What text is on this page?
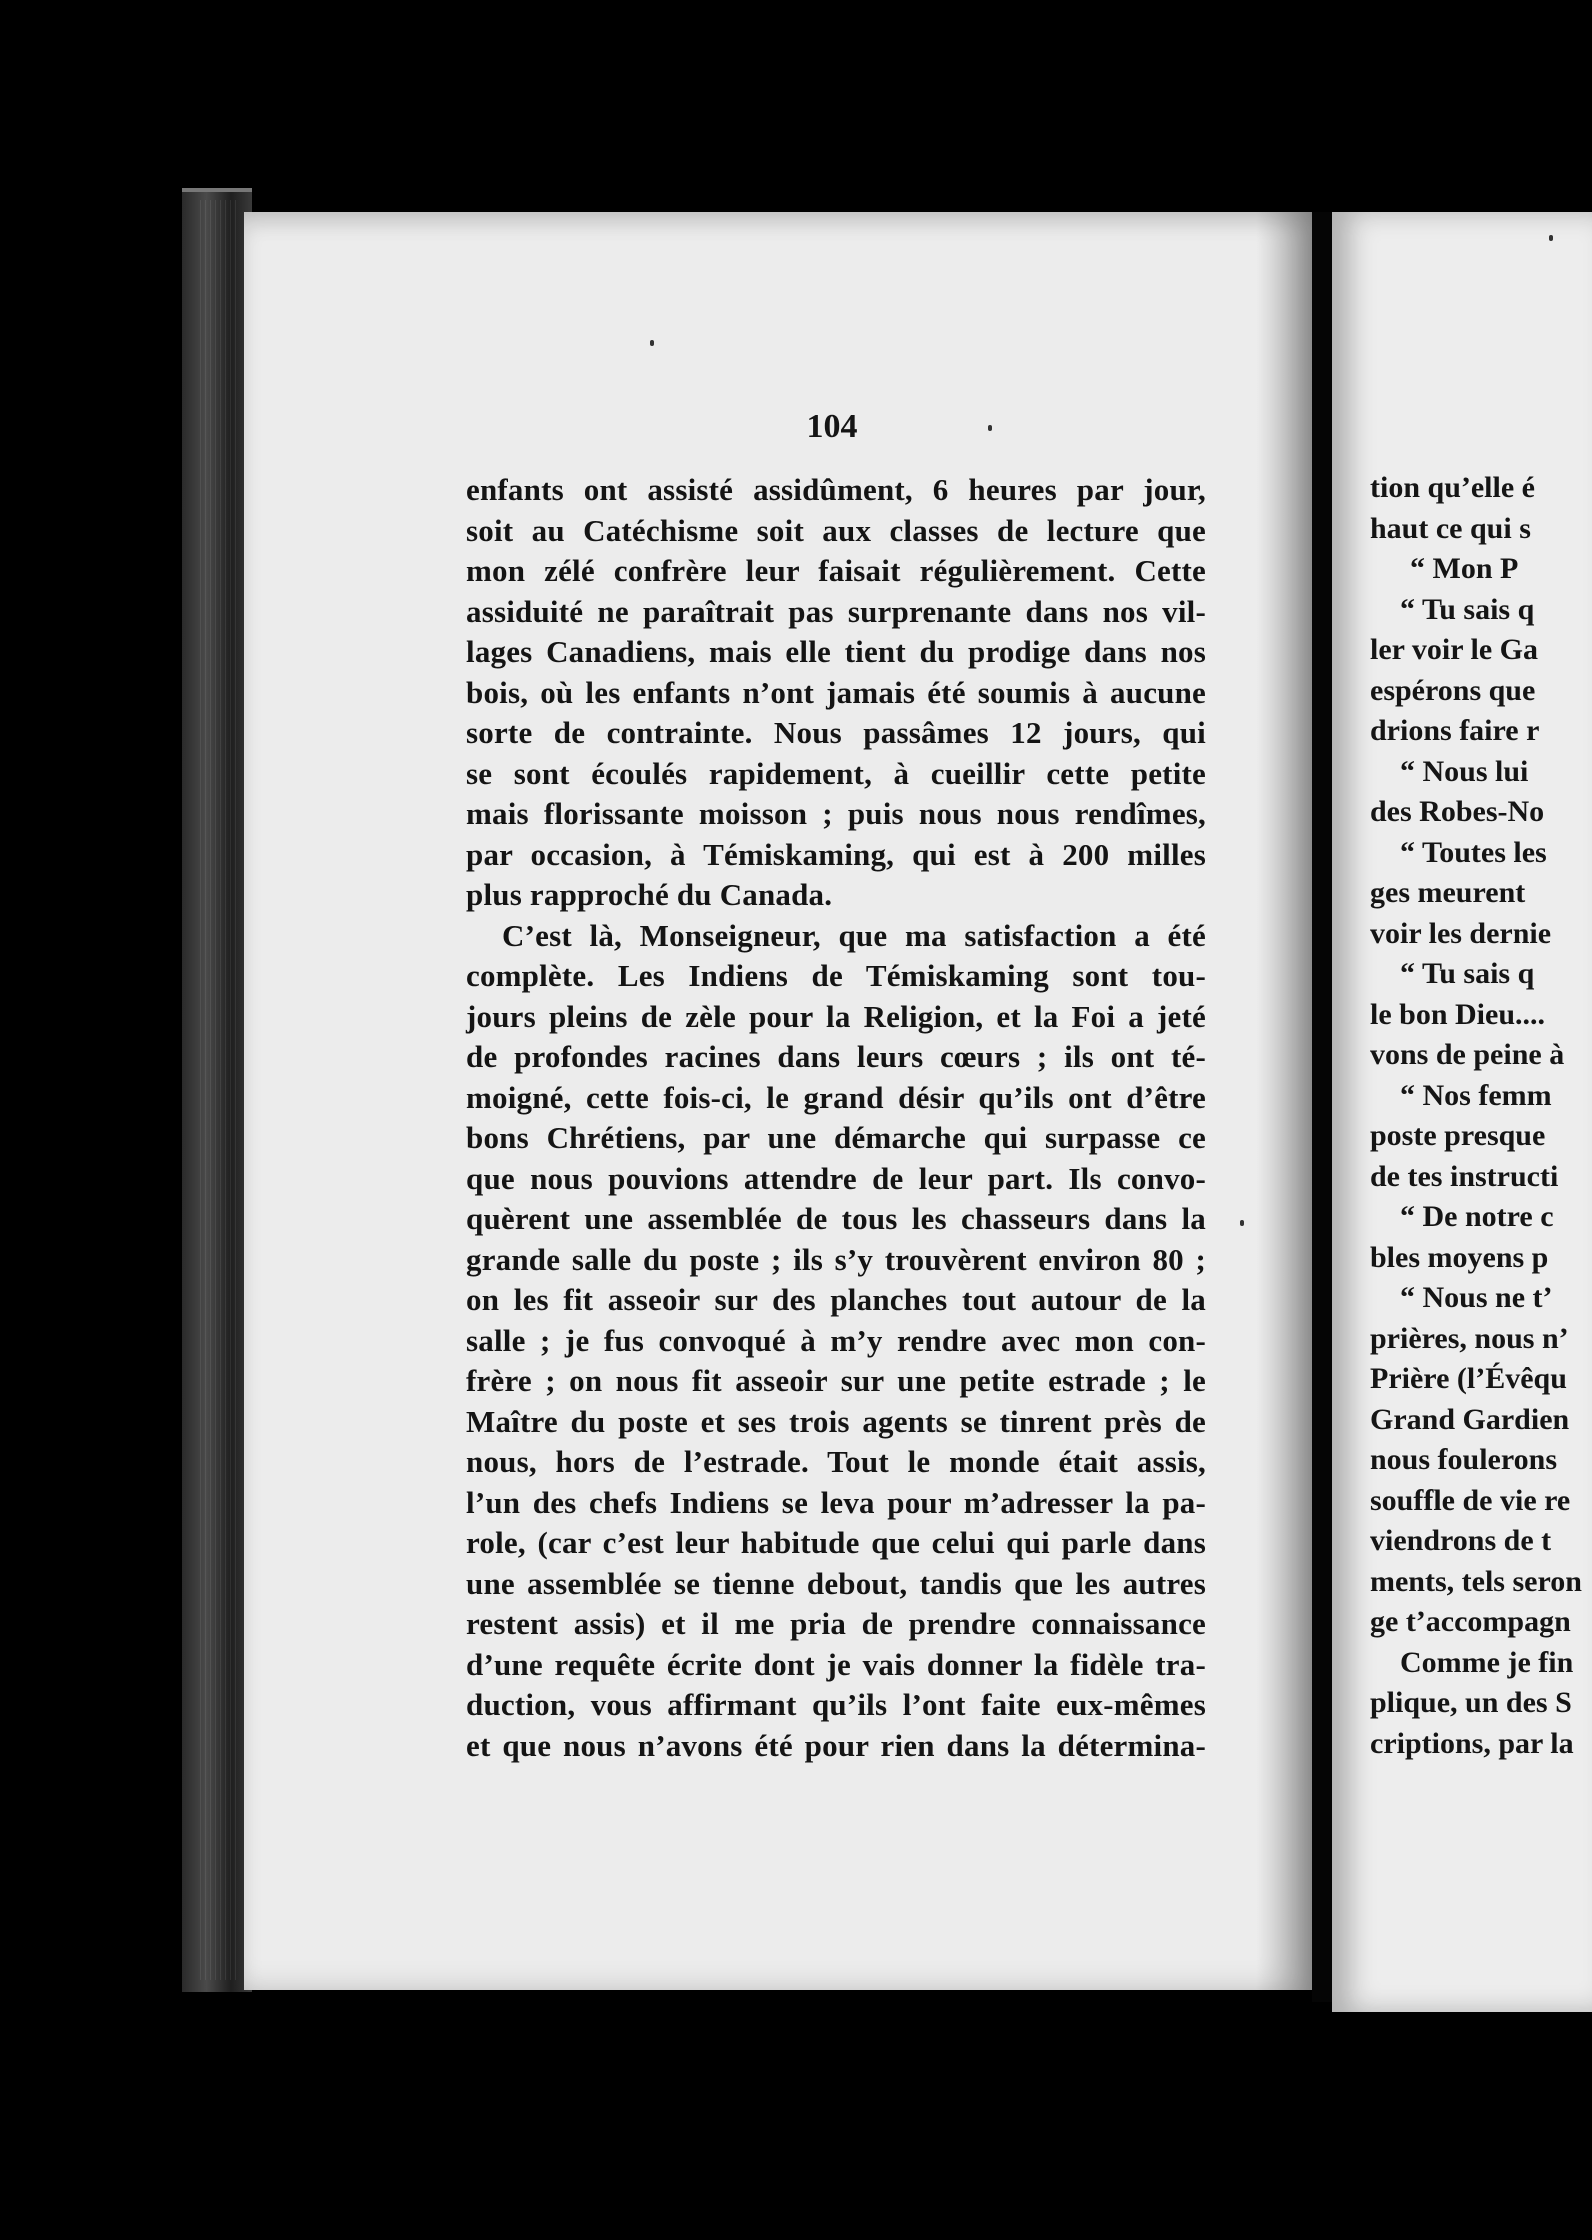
104
enfants ont assisté assidûment, 6 heures par jour,
soit au Catéchisme soit aux classes de lecture que
mon zélé confrère leur faisait régulièrement. Cette
assiduité ne paraîtrait pas surprenante dans nos vil-
lages Canadiens, mais elle tient du prodige dans nos
bois, où les enfants n’ont jamais été soumis à aucune
sorte de contrainte. Nous passâmes 12 jours, qui
se sont écoulés rapidement, à cueillir cette petite
mais florissante moisson ; puis nous nous rendîmes,
par occasion, à Témiskaming, qui est à 200 milles
plus rapproché du Canada.
C’est là, Monseigneur, que ma satisfaction a été
complète. Les Indiens de Témiskaming sont tou-
jours pleins de zèle pour la Religion, et la Foi a jeté
de profondes racines dans leurs cœurs ; ils ont té-
moigné, cette fois-ci, le grand désir qu’ils ont d’être
bons Chrétiens, par une démarche qui surpasse ce
que nous pouvions attendre de leur part. Ils convo-
quèrent une assemblée de tous les chasseurs dans la
grande salle du poste ; ils s’y trouvèrent environ 80 ;
on les fit asseoir sur des planches tout autour de la
salle ; je fus convoqué à m’y rendre avec mon con-
frère ; on nous fit asseoir sur une petite estrade ; le
Maître du poste et ses trois agents se tinrent près de
nous, hors de l’estrade. Tout le monde était assis,
l’un des chefs Indiens se leva pour m’adresser la pa-
role, (car c’est leur habitude que celui qui parle dans
une assemblée se tienne debout, tandis que les autres
restent assis) et il me pria de prendre connaissance
d’une requête écrite dont je vais donner la fidèle tra-
duction, vous affirmant qu’ils l’ont faite eux-mêmes
et que nous n’avons été pour rien dans la détermina-
tion qu’elle é
haut ce qui s
“ Mon P
“ Tu sais q
ler voir le Ga
espérons que
drions faire r
“ Nous lui
des Robes-No
“ Toutes les
ges meurent
voir les dernie
“ Tu sais q
le bon Dieu....
vons de peine à
“ Nos femm
poste presque
de tes instructi
“ De notre c
bles moyens p
“ Nous ne t’
prières, nous n’
Prière (l’Évêqu
Grand Gardien
nous foulerons
souffle de vie re
viendrons de t
ments, tels seron
ge t’accompagn
Comme je fin
plique, un des S
criptions, par la
